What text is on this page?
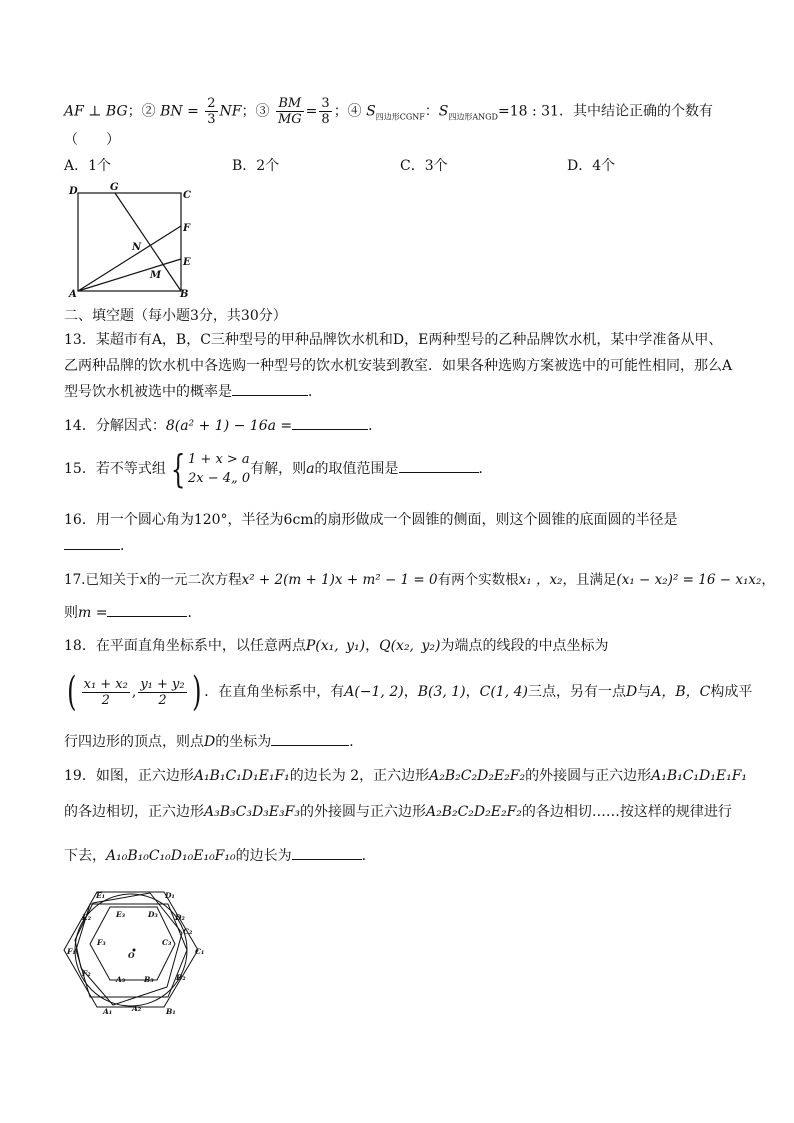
AF ⊥ BG；② BN = $\frac{2}{3}$ NF；③ $\frac{BM}{MG} = \frac{3}{8}$ ；④ $S_{四边形CGNF}$：$S_{四边形ANGD}=18$ : 31．其中结论正确的个数有
（　　）
A．1个	B．2个	C．3个	D．4个
D	G
C
F
N
E
M
A	B
二、填空题（每小题3分，共30分）
13．某超市有A，B，C三种型号的甲种品牌饮水机和D，E两种型号的乙种品牌饮水机，某中学准备从甲、
乙两种品牌的饮水机中各选购一种型号的饮水机安装到教室．如果各种选购方案被选中的可能性相同，那么A
型号饮水机被选中的概率是	．
14．分解因式：8(a² + 1) − 16a =	．
15．若不等式组 { 1 + x > a
2x − 4„ 0
有解，则a的取值范围是	．
16．用一个圆心角为120°，半径为6cm的扇形做成一个圆锥的侧面，则这个圆锥的底面圆的半径是
．
17.已知关于x的一元二次方程x² + 2(m + 1)x + m² − 1 = 0有两个实数根x₁ ，x₂，且满足(x₁ − x₂)² = 16 − x₁x₂，
则m =	．
18．在平面直角坐标系中，以任意两点P(x₁, y₁)，Q(x₂, y₂)为端点的线段的中点坐标为
( $\frac{\text{x₁ + x₂}}{2}$ , $\frac{\text{y₁ + y₂}}{2}$ ) ．在直角坐标系中，有A(−1, 2)，B(3, 1)，C(1, 4)三点，另有一点D与A，B，C构成平
行四边形的顶点，则点D的坐标为	．
19．如图，正六边形A₁B₁C₁D₁E₁F₁的边长为 2，正六边形A₂B₂C₂D₂E₂F₂的外接圆与正六边形A₁B₁C₁D₁E₁F₁
的各边相切，正六边形A₃B₃C₃D₃E₃F₃的外接圆与正六边形A₂B₂C₂D₂E₂F₂的各边相切……按这样的规律进行
下去，A₁₀B₁₀C₁₀D₁₀E₁₀F₁₀的边长为	．
E₁	D₁
E₂	D₂
E₃	D₃
C₂
F₃	C₃
F₁	O	C₁
F₂
A₃	B₃	B₂
A₁	A₂	B₁
